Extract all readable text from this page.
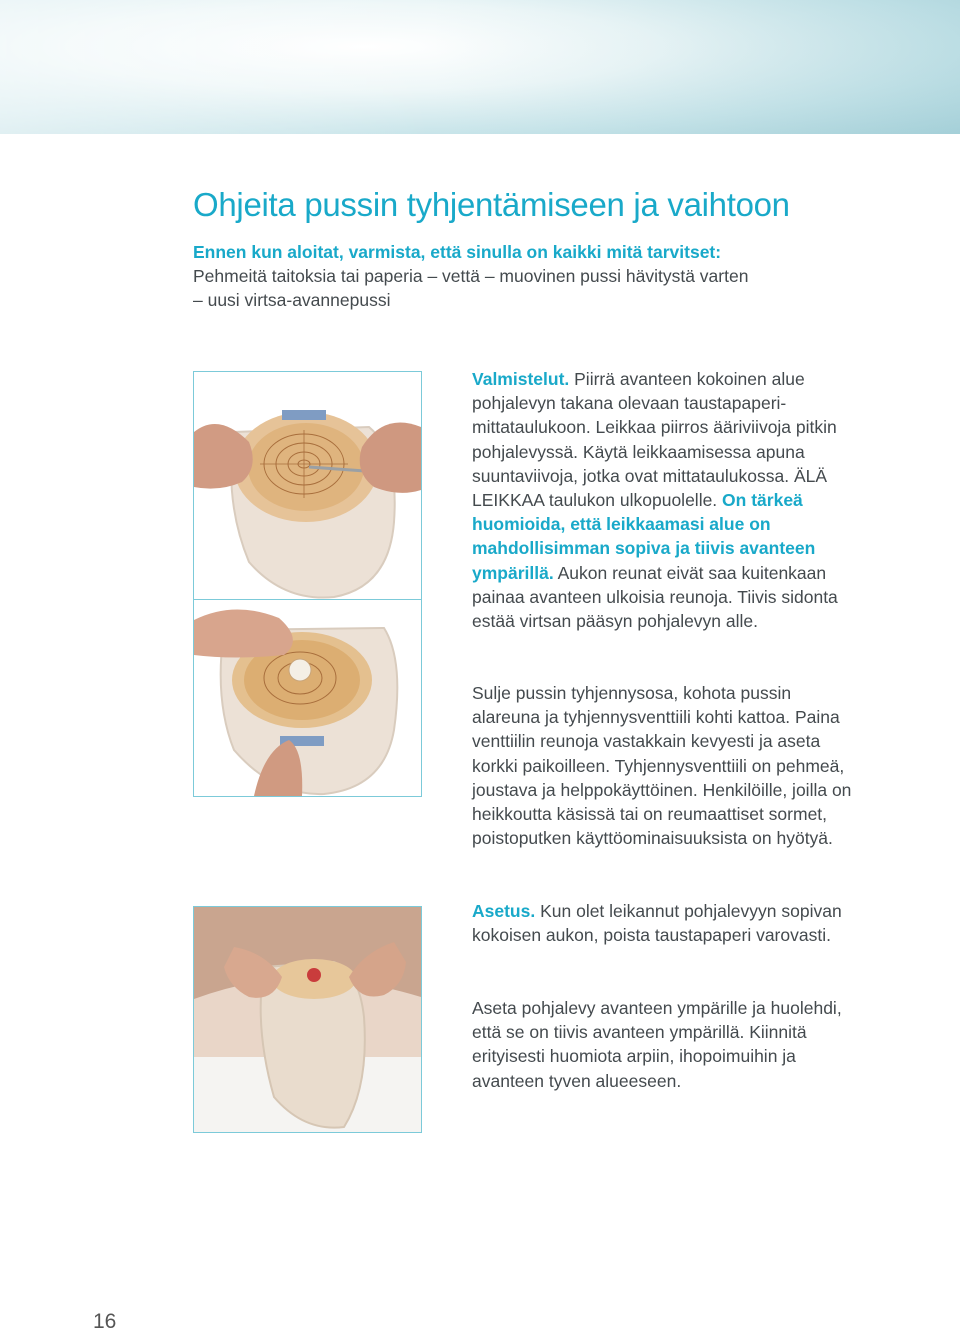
Ohjeita pussin tyhjentämiseen ja vaihtoon
Ennen kun aloitat, varmista, että sinulla on kaikki mitä tarvitset:
Pehmeitä taitoksia tai paperia – vettä – muovinen pussi hävitystä varten
– uusi virtsa-avannepussi

Valmistelut. Piirrä avanteen kokoinen alue pohjalevyn takana olevaan taustapaperi-mittataulukoon. Leikkaa piirros ääriviivoja pitkin pohjalevyssä. Käytä leikkaamisessa apuna suuntaviivoja, jotka ovat mittataulukossa. ÄLÄ LEIKKAA taulukon ulkopuolelle. On tärkeä huomioida, että leikkaamasi alue on mahdollisimman sopiva ja tiivis avanteen ympärillä. Aukon reunat eivät saa kuitenkaan painaa avanteen ulkoisia reunoja. Tiivis sidonta estää virtsan pääsyn pohjalevyn alle.

Sulje pussin tyhjennysosa, kohota pussin alareuna ja tyhjennysventtiili kohti kattoa. Paina venttiilin reunoja vastakkain kevyesti ja aseta korkki paikoilleen. Tyhjennysventtiili on pehmeä, joustava ja helppokäyttöinen. Henkilöille, joilla on heikkoutta käsissä tai on reumaattiset sormet, poistoputken käyttöominaisuuksista on hyötyä.

Asetus. Kun olet leikannut pohjalevyyn sopivan kokoisen aukon, poista taustapaperi varovasti.

Aseta pohjalevy avanteen ympärille ja huolehdi, että se on tiivis avanteen ympärillä. Kiinnitä erityisesti huomiota arpiin, ihopoimuihin ja avanteen tyven alueeseen.

16
